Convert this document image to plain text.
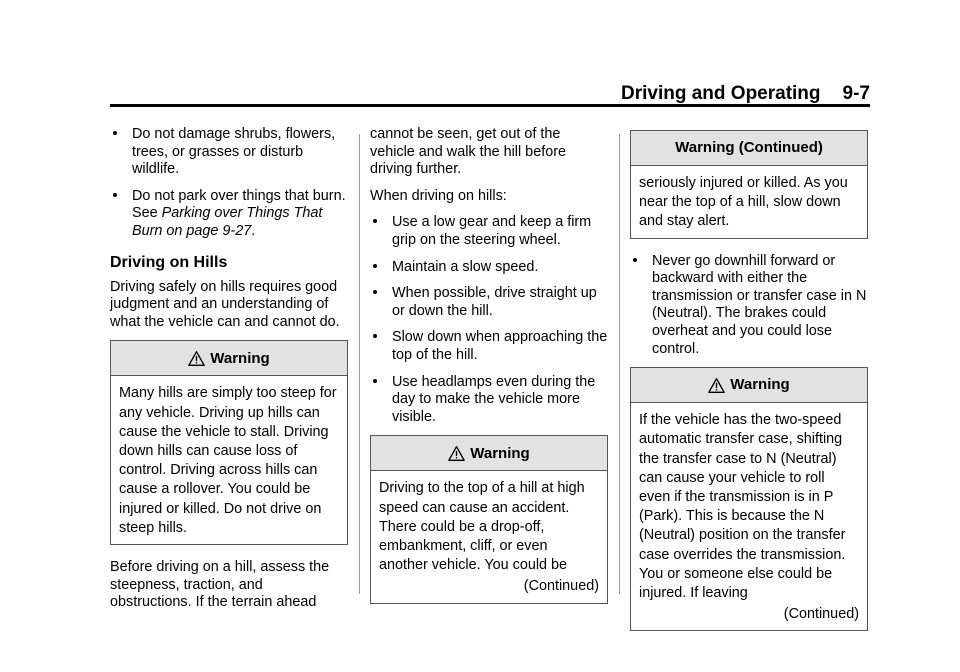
Driving and Operating 9-7
Do not damage shrubs, flowers, trees, or grasses or disturb wildlife.
Do not park over things that burn. See Parking over Things That Burn on page 9-27.
Driving on Hills

Driving safely on hills requires good judgment and an understanding of what the vehicle can and cannot do.

Warning
Many hills are simply too steep for any vehicle. Driving up hills can cause the vehicle to stall. Driving down hills can cause loss of control. Driving across hills can cause a rollover. You could be injured or killed. Do not drive on steep hills.

Before driving on a hill, assess the steepness, traction, and obstructions. If the terrain ahead

cannot be seen, get out of the vehicle and walk the hill before driving further.

When driving on hills:

Use a low gear and keep a firm grip on the steering wheel.
Maintain a slow speed.
When possible, drive straight up or down the hill.
Slow down when approaching the top of the hill.
Use headlamps even during the day to make the vehicle more visible.
Warning
Driving to the top of a hill at high speed can cause an accident. There could be a drop-off, embankment, cliff, or even another vehicle. You could be
(Continued)
Warning (Continued)
seriously injured or killed. As you near the top of a hill, slow down and stay alert.
Never go downhill forward or backward with either the transmission or transfer case in N (Neutral). The brakes could overheat and you could lose control.
Warning
If the vehicle has the two-speed automatic transfer case, shifting the transfer case to N (Neutral) can cause your vehicle to roll even if the transmission is in P (Park). This is because the N (Neutral) position on the transfer case overrides the transmission. You or someone else could be injured. If leaving
(Continued)
